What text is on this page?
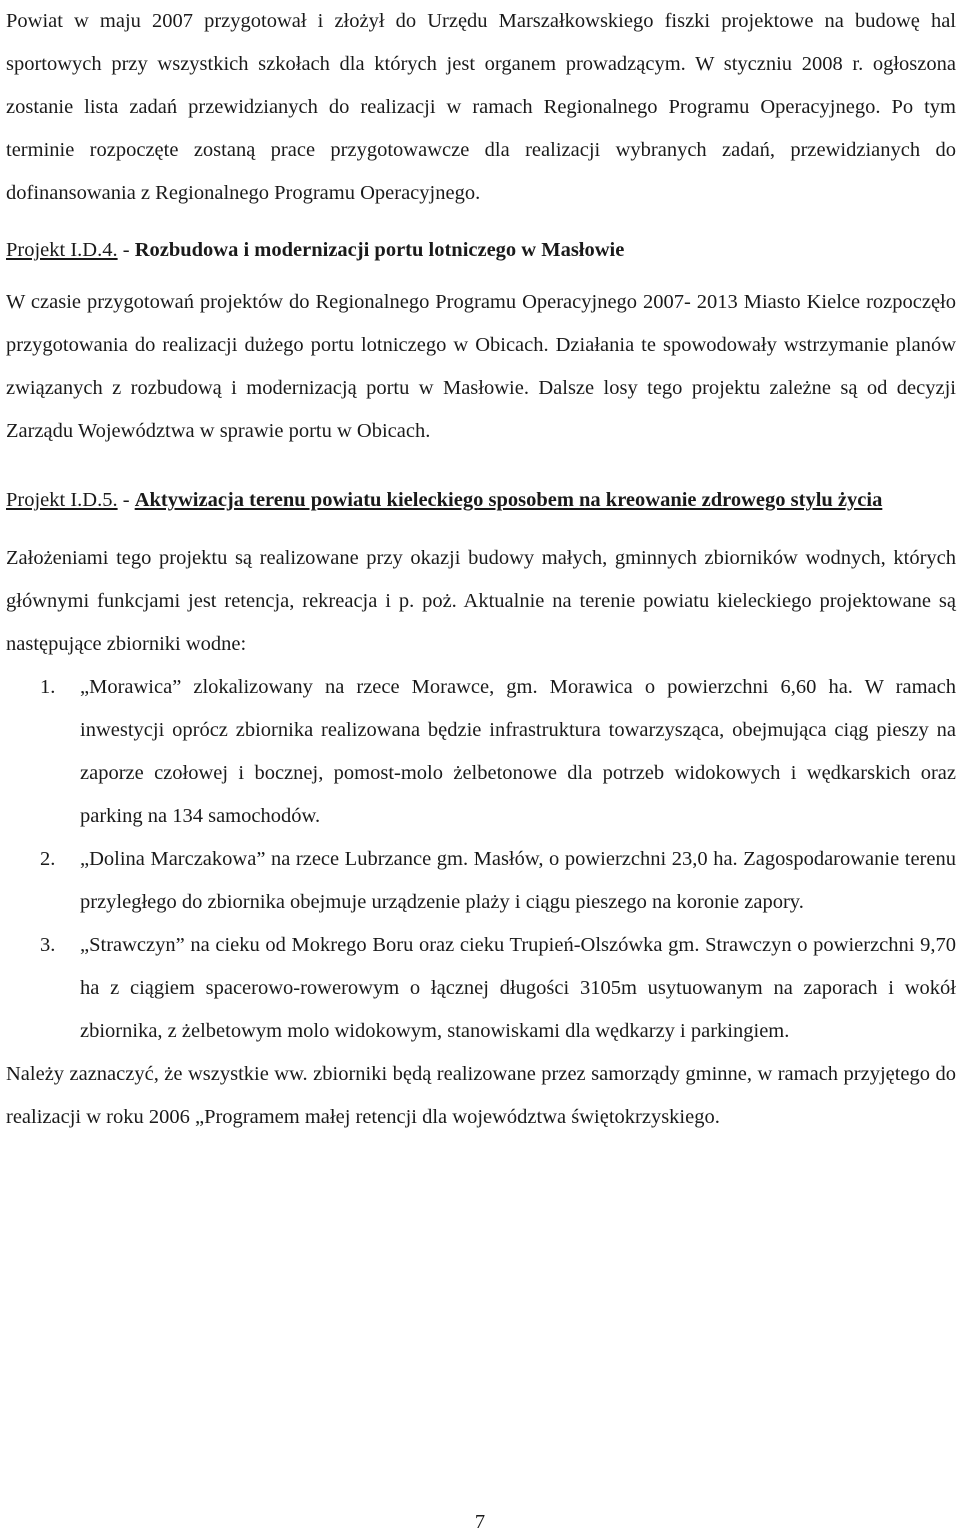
Powiat w maju 2007 przygotował i złożył do Urzędu Marszałkowskiego fiszki projektowe na budowę hal sportowych przy wszystkich szkołach dla których jest organem prowadzącym. W styczniu 2008 r. ogłoszona zostanie lista zadań przewidzianych do realizacji w ramach Regionalnego Programu Operacyjnego. Po tym terminie rozpoczęte zostaną prace przygotowawcze dla realizacji wybranych zadań, przewidzianych do dofinansowania z Regionalnego Programu Operacyjnego.

Projekt I.D.4. - Rozbudowa i modernizacji portu lotniczego w Masłowie

W czasie przygotowań projektów do Regionalnego Programu Operacyjnego 2007- 2013 Miasto Kielce rozpoczęło przygotowania do realizacji dużego portu lotniczego w Obicach. Działania te spowodowały wstrzymanie planów związanych z rozbudową i modernizacją portu w Masłowie. Dalsze losy tego projektu zależne są od decyzji Zarządu Województwa w sprawie portu w Obicach.

Projekt I.D.5. - Aktywizacja terenu powiatu kieleckiego sposobem na kreowanie zdrowego stylu życia

Założeniami tego projektu są realizowane przy okazji budowy małych, gminnych zbiorników wodnych, których głównymi funkcjami jest retencja, rekreacja i p. poż. Aktualnie na terenie powiatu kieleckiego projektowane są następujące zbiorniki wodne:

1. „Morawica” zlokalizowany na rzece Morawce, gm. Morawica o powierzchni 6,60 ha. W ramach inwestycji oprócz zbiornika realizowana będzie infrastruktura towarzysząca, obejmująca ciąg pieszy na zaporze czołowej i bocznej, pomost-molo żelbetonowe dla potrzeb widokowych i wędkarskich oraz parking na 134 samochodów.
2. „Dolina Marczakowa” na rzece Lubrzance gm. Masłów, o powierzchni 23,0 ha. Zagospodarowanie terenu przyległego do zbiornika obejmuje urządzenie plaży i ciągu pieszego na koronie zapory.
3. „Strawczyn” na cieku od Mokrego Boru oraz cieku Trupień-Olszówka gm. Strawczyn o powierzchni 9,70 ha z ciągiem spacerowo-rowerowym o łącznej długości 3105m usytuowanym na zaporach i wokół zbiornika, z żelbetowym molo widokowym, stanowiskami dla wędkarzy i parkingiem.

Należy zaznaczyć, że wszystkie ww. zbiorniki będą realizowane przez samorządy gminne, w ramach przyjętego do realizacji w roku 2006 „Programem małej retencji dla województwa świętokrzyskiego.

7
